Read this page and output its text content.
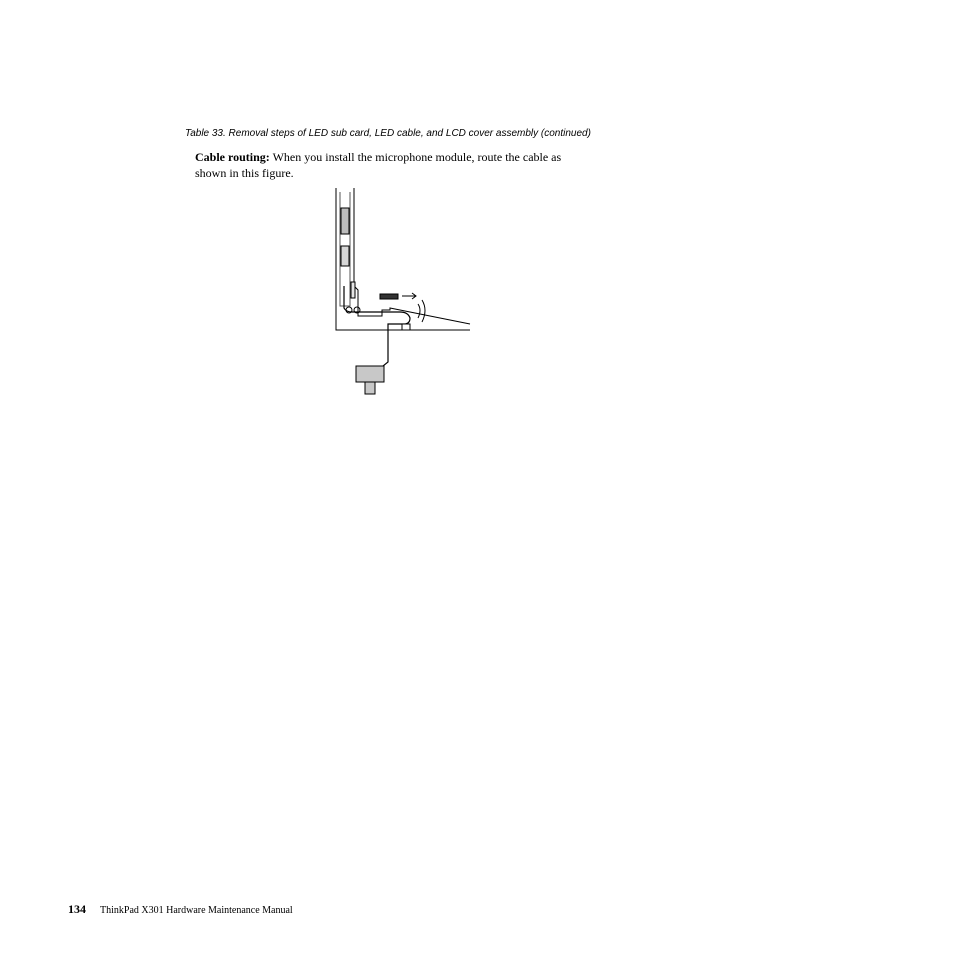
Table 33. Removal steps of LED sub card, LED cable, and LCD cover assembly (continued)
Cable routing: When you install the microphone module, route the cable as shown in this figure.
134 ThinkPad X301 Hardware Maintenance Manual
